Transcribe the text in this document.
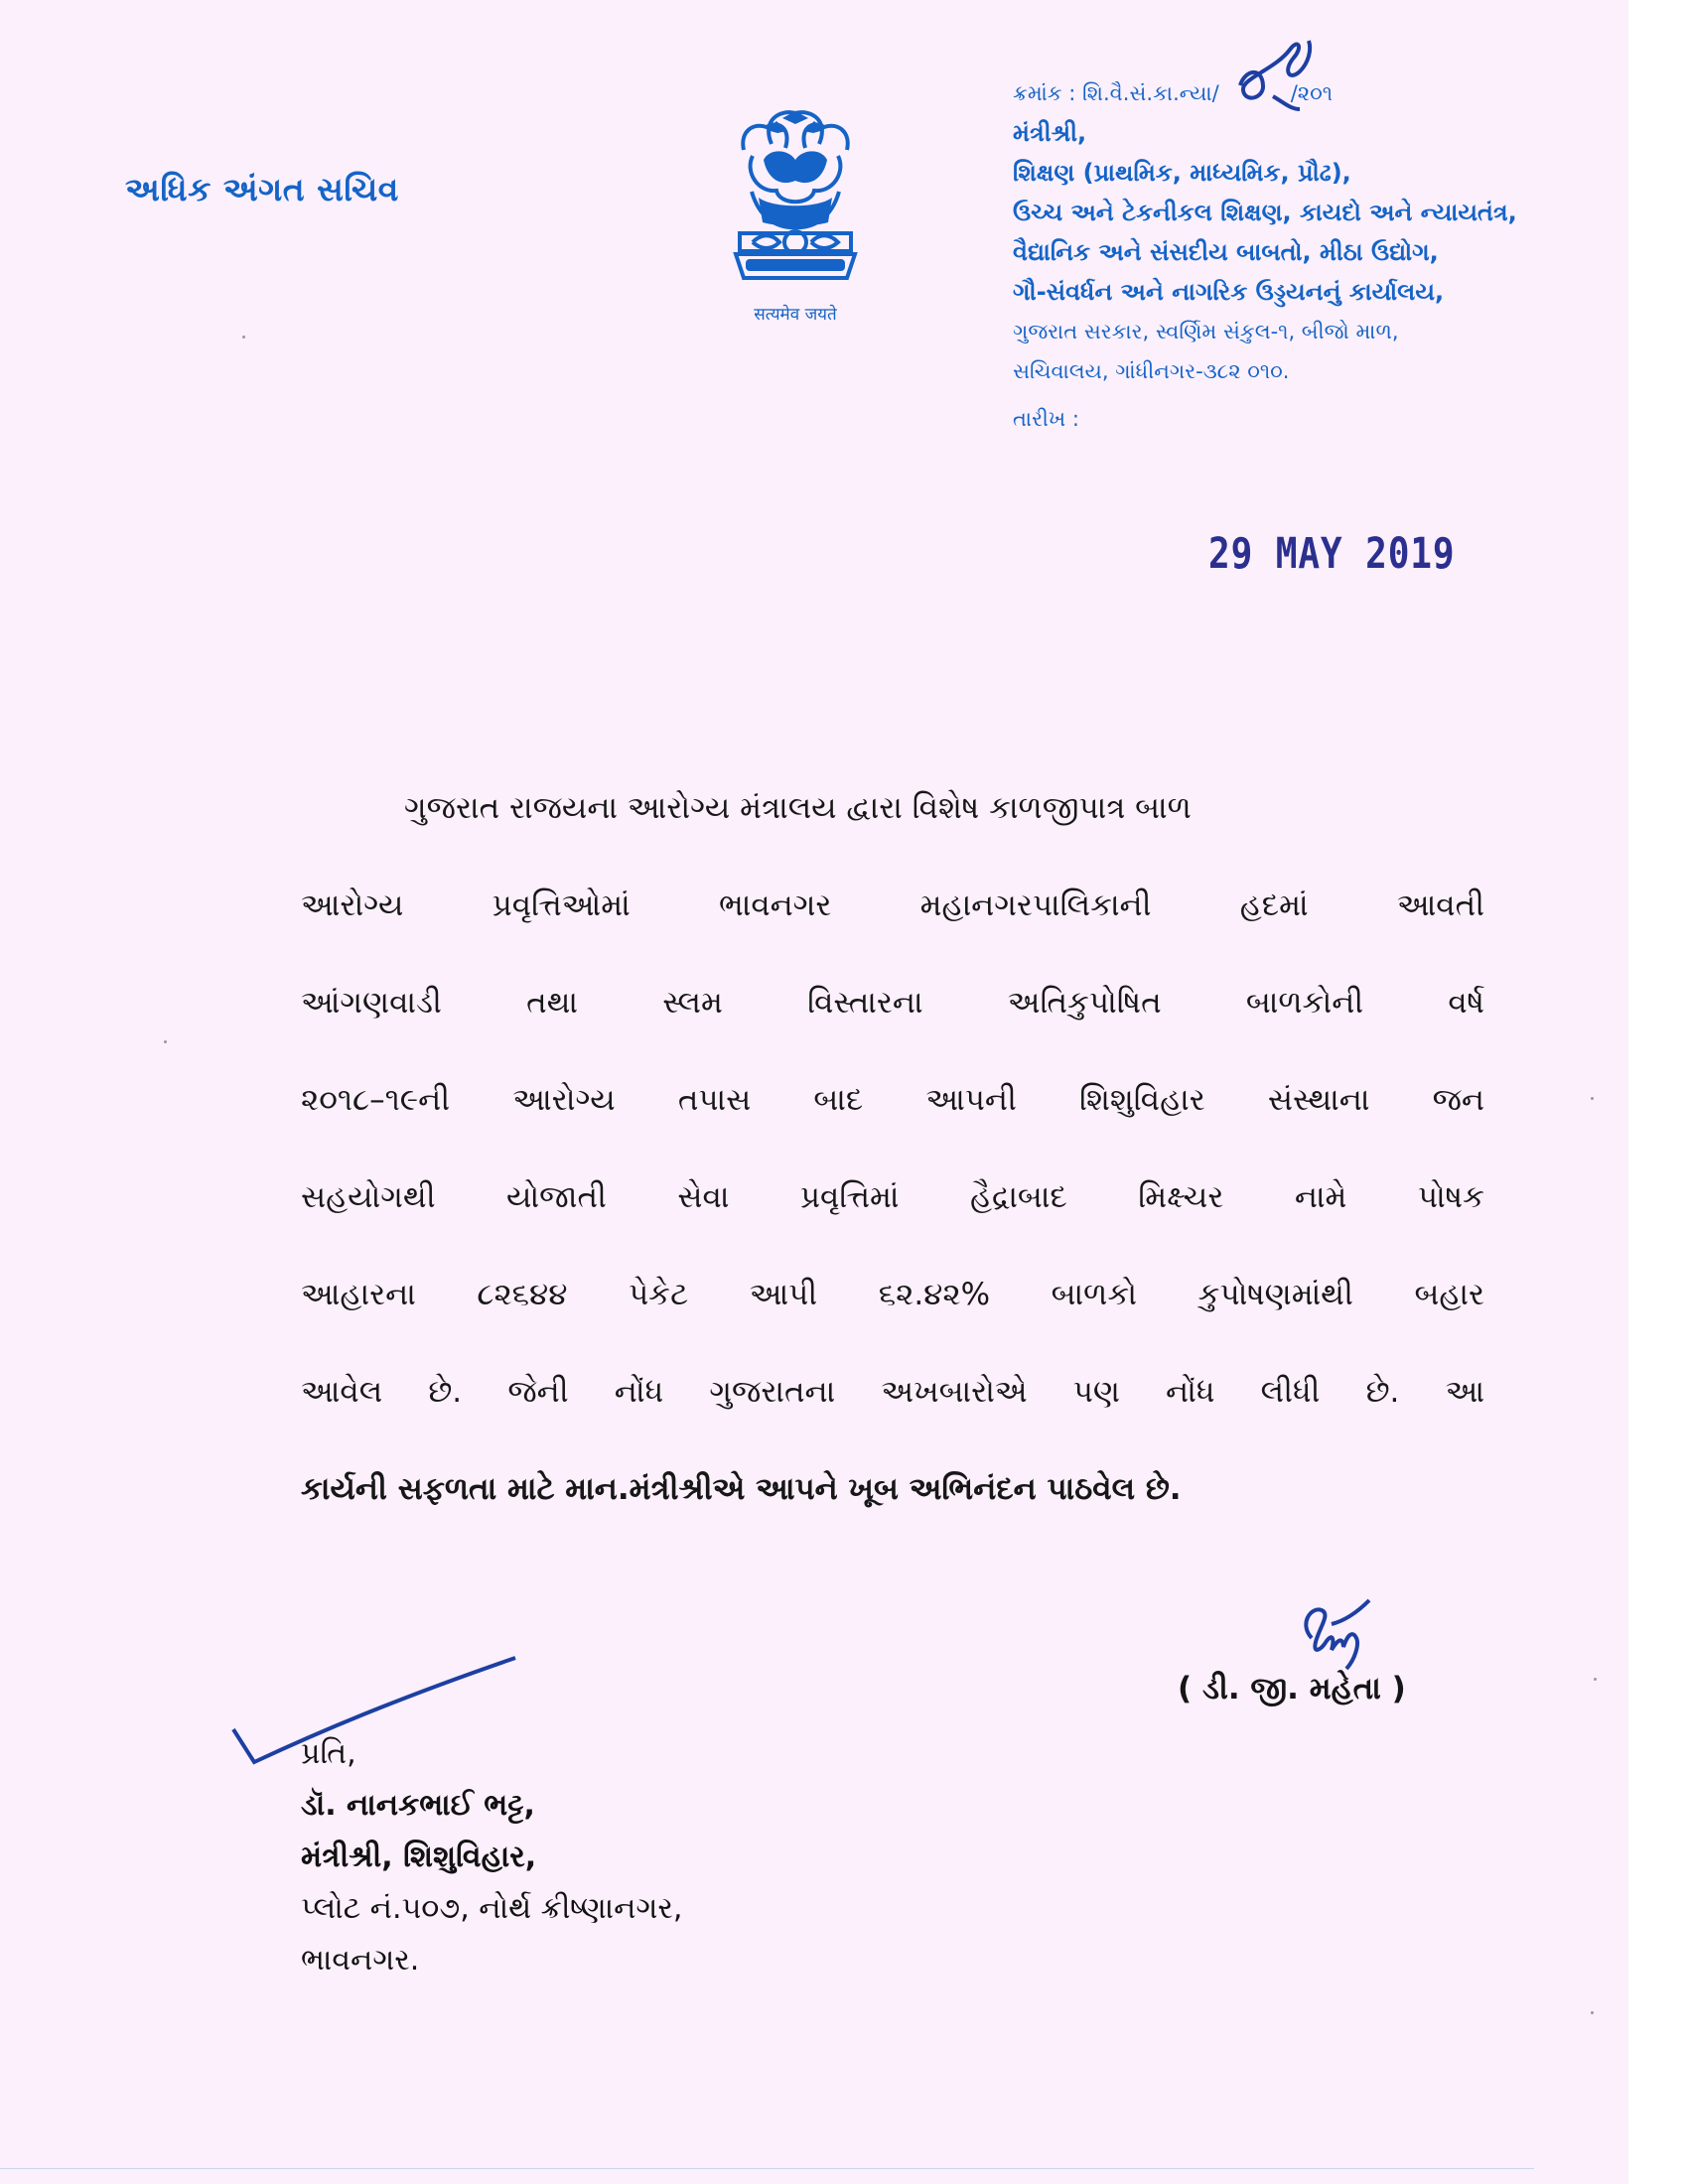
અધિક અંગત સચિવ
सत्यमेव जयते
ક્રમાંક : શિ.વૈ.સં.કા.ન્યા/	/૨૦૧
મંત્રીશ્રી,
શિક્ષણ (પ્રાથમિક, માધ્યમિક, પ્રૌઢ),
ઉચ્ચ અને ટેકનીકલ શિક્ષણ, કાયદો અને ન્યાયતંત્ર,
વૈદ્યાનિક અને સંસદીય બાબતો, મીઠા ઉદ્યોગ,
ગૌ-સંવર્ધન અને નાગરિક ઉડ્ડયનનું કાર્યાલય,
ગુજરાત સરકાર, સ્વર્ણિમ સંકુલ-૧, બીજો માળ,
સચિવાલય, ગાંધીનગર-૩૮૨ ૦૧૦.
તારીખ :
29 MAY 2019
ગુજરાત રાજયના આરોગ્ય મંત્રાલય દ્વારા વિશેષ કાળજીપાત્ર બાળ
આરોગ્ય પ્રવૃત્તિઓમાં ભાવનગર મહાનગરપાલિકાની હદમાં આવતી
આંગણવાડી તથા સ્લમ વિસ્તારના અતિકુપોષિત બાળકોની વર્ષ
૨૦૧૮–૧૯ની આરોગ્ય તપાસ બાદ આપની શિશુવિહાર સંસ્થાના જન
સહયોગથી યોજાતી સેવા પ્રવૃત્તિમાં હૈદ્રાબાદ મિક્ષ્ચર નામે પોષક
આહારના ૮૨૬૪૪ પેકેટ આપી ૬૨.૪૨% બાળકો કુપોષણમાંથી બહાર
આવેલ છે. જેની નોંધ ગુજરાતના અખબારોએ પણ નોંધ લીધી છે. આ
કાર્યની સફળતા માટે માન.મંત્રીશ્રીએ આપને ખૂબ અભિનંદન પાઠવેલ છે.
( ડી. જી. મહેતા )
પ્રતિ,
ડૉ. નાનકભાઈ ભટ્ટ,
મંત્રીશ્રી, શિશુવિહાર,
પ્લોટ નં.૫૦૭, નોર્થ ક્રીષ્ણાનગર,
ભાવનગર.
